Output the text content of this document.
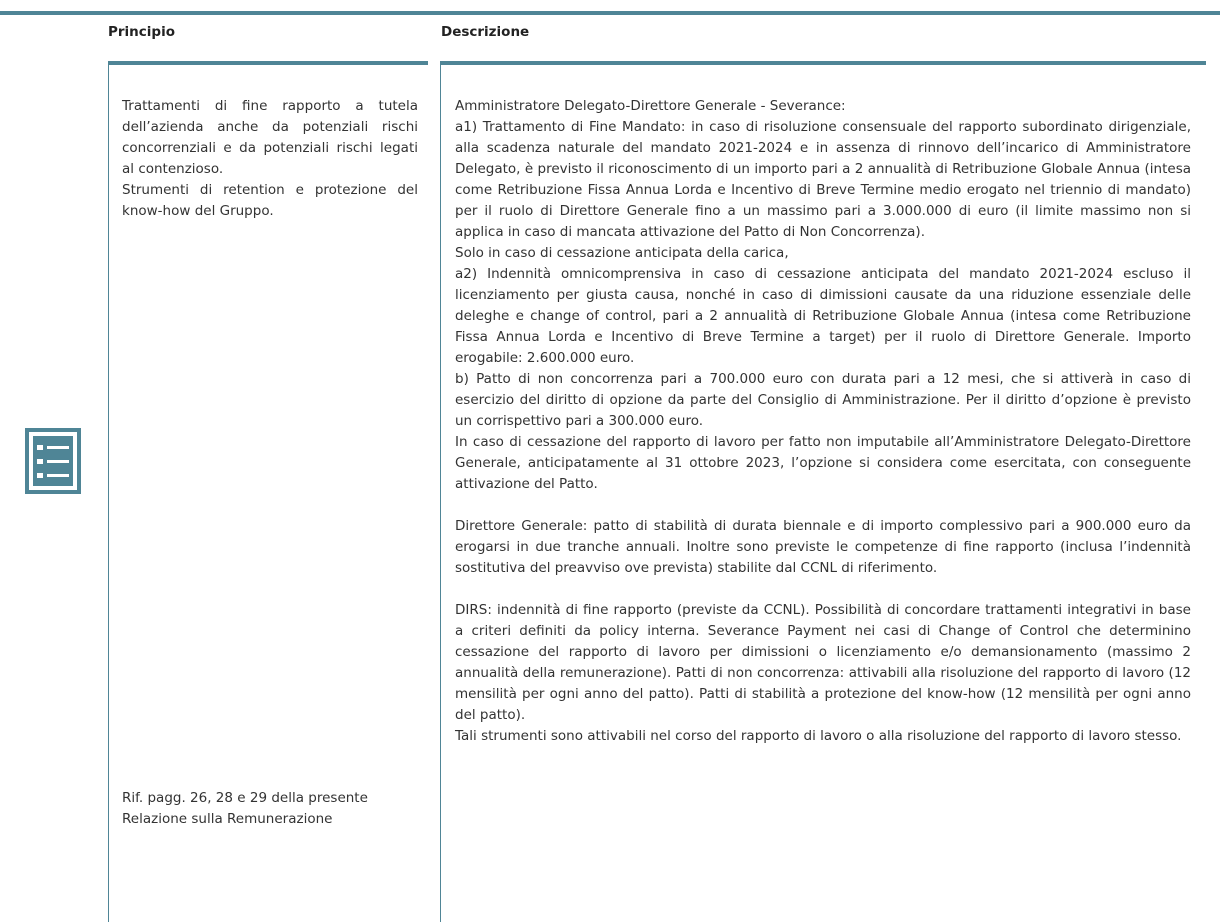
Principio	Descrizione

Trattamenti di fine rapporto a tutela dell’azienda anche da potenziali rischi concorrenziali e da potenziali rischi legati al contenzioso.

Strumenti di retention e protezione del know-how del Gruppo.

Rif. pagg. 26, 28 e 29 della presente Relazione sulla Remunerazione

Amministratore Delegato-Direttore Generale - Severance:

a1) Trattamento di Fine Mandato: in caso di risoluzione consensuale del rapporto subordinato dirigenziale, alla scadenza naturale del mandato 2021-2024 e in assenza di rinnovo dell’incarico di Amministratore Delegato, è previsto il riconoscimento di un importo pari a 2 annualità di Retribuzione Globale Annua (intesa come Retribuzione Fissa Annua Lorda e Incentivo di Breve Termine medio erogato nel triennio di mandato) per il ruolo di Direttore Generale fino a un massimo pari a 3.000.000 di euro (il limite massimo non si applica in caso di mancata attivazione del Patto di Non Concorrenza).

Solo in caso di cessazione anticipata della carica,

a2) Indennità omnicomprensiva in caso di cessazione anticipata del mandato 2021-2024 escluso il licenziamento per giusta causa, nonché in caso di dimissioni causate da una riduzione essenziale delle deleghe e change of control, pari a 2 annualità di Retribuzione Globale Annua (intesa come Retribuzione Fissa Annua Lorda e Incentivo di Breve Termine a target) per il ruolo di Direttore Generale. Importo erogabile: 2.600.000 euro.

b) Patto di non concorrenza pari a 700.000 euro con durata pari a 12 mesi, che si attiverà in caso di esercizio del diritto di opzione da parte del Consiglio di Amministrazione. Per il diritto d’opzione è previsto un corrispettivo pari a 300.000 euro.

In caso di cessazione del rapporto di lavoro per fatto non imputabile all’Amministratore Delegato-Direttore Generale, anticipatamente al 31 ottobre 2023, l’opzione si considera come esercitata, con conseguente attivazione del Patto.

Direttore Generale: patto di stabilità di durata biennale e di importo complessivo pari a 900.000 euro da erogarsi in due tranche annuali. Inoltre sono previste le competenze di fine rapporto (inclusa l’indennità sostitutiva del preavviso ove prevista) stabilite dal CCNL di riferimento.

DIRS: indennità di fine rapporto (previste da CCNL). Possibilità di concordare trattamenti integrativi in base a criteri definiti da policy interna. Severance Payment nei casi di Change of Control che determinino cessazione del rapporto di lavoro per dimissioni o licenziamento e/o demansionamento (massimo 2 annualità della remunerazione). Patti di non concorrenza: attivabili alla risoluzione del rapporto di lavoro (12 mensilità per ogni anno del patto). Patti di stabilità a protezione del know-how (12 mensilità per ogni anno del patto).

Tali strumenti sono attivabili nel corso del rapporto di lavoro o alla risoluzione del rapporto di lavoro stesso.
